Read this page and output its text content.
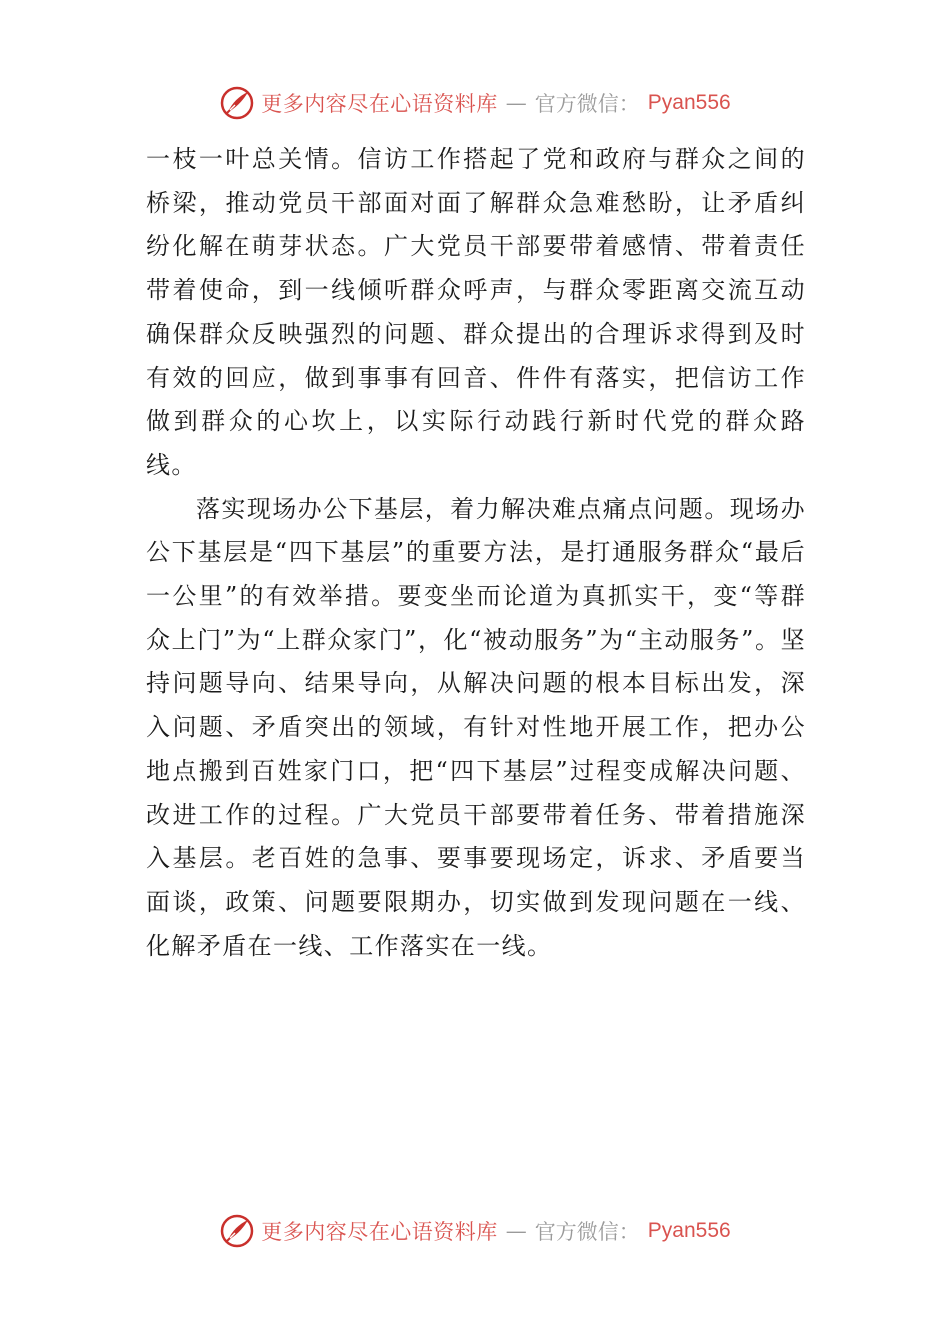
更多内容尽在心语资料库 — 官方微信： Pyan556

一枝一叶总关情。信访工作搭起了党和政府与群众之间的桥梁，推动党员干部面对面了解群众急难愁盼，让矛盾纠纷化解在萌芽状态。广大党员干部要带着感情、带着责任带着使命，到一线倾听群众呼声，与群众零距离交流互动确保群众反映强烈的问题、群众提出的合理诉求得到及时有效的回应，做到事事有回音、件件有落实，把信访工作做到群众的心坎上，以实际行动践行新时代党的群众路线。

落实现场办公下基层，着力解决难点痛点问题。现场办公下基层是“四下基层”的重要方法，是打通服务群众“最后一公里”的有效举措。要变坐而论道为真抓实干，变“等群众上门”为“上群众家门”，化“被动服务”为“主动服务”。坚持问题导向、结果导向，从解决问题的根本目标出发，深入问题、矛盾突出的领域，有针对性地开展工作，把办公地点搬到百姓家门口，把“四下基层”过程变成解决问题、改进工作的过程。广大党员干部要带着任务、带着措施深入基层。老百姓的急事、要事要现场定，诉求、矛盾要当面谈，政策、问题要限期办，切实做到发现问题在一线、化解矛盾在一线、工作落实在一线。

更多内容尽在心语资料库 — 官方微信： Pyan556
